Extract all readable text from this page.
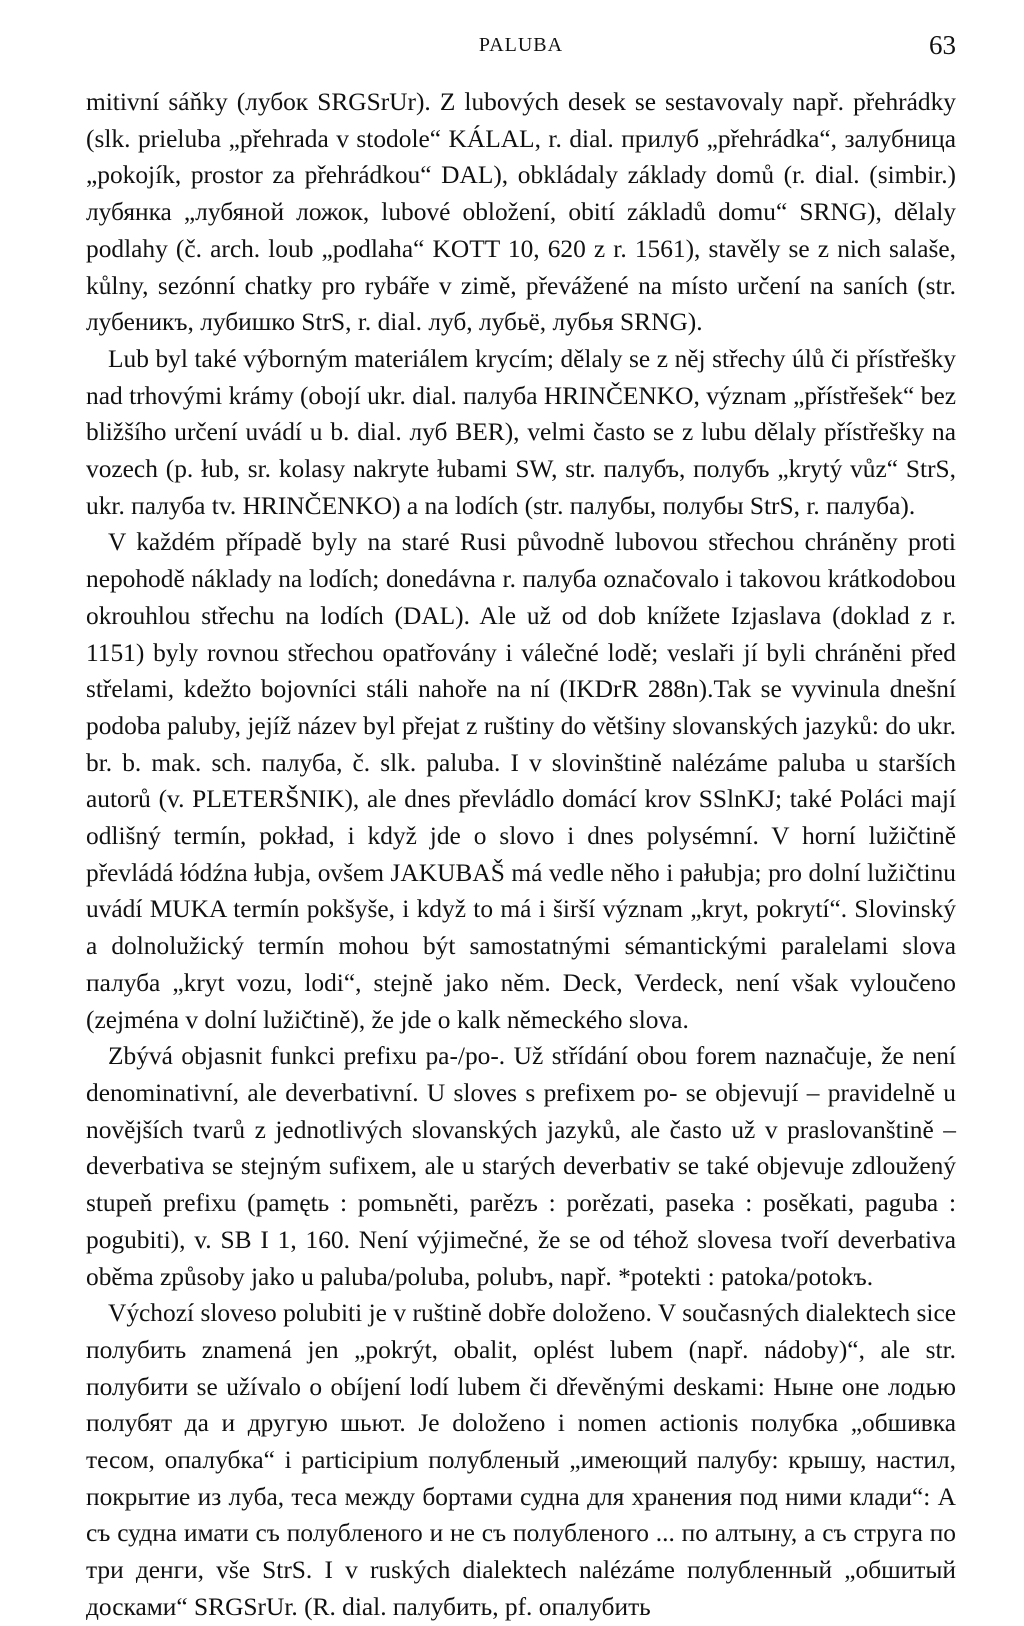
PALUBA	63

mitivní sáňky (лубок SRGSrUr). Z lubových desek se sestavovaly např. přehrádky (slk. prieluba „přehrada v stodole“ KÁLAL, r. dial. прилуб „přehrádka“, залубница „pokojík, prostor za přehrádkou“ DAL), obkládaly základy domů (r. dial. (simbir.) лубянка „лубяной ложок, lubové obložení, obití základů domu“ SRNG), dělaly podlahy (č. arch. loub „podlaha“ KOTT 10, 620 z r. 1561), stavěly se z nich salaše, kůlny, sezónní chatky pro rybáře v zimě, převážené na místo určení na saních (str. лубеникъ, лубишко StrS, r. dial. луб, лубьё, лубья SRNG).

Lub byl také výborným materiálem krycím; dělaly se z něj střechy úlů či přístřešky nad trhovými krámy (obojí ukr. dial. палуба HRINČENKO, význam „přístřešek“ bez bližšího určení uvádí u b. dial. луб BER), velmi často se z lubu dělaly přístřešky na vozech (p. łub, sr. kolasy nakryte łubami SW, str. палубъ, полубъ „krytý vůz“ StrS, ukr. палуба tv. HRINČENKO) a na lodích (str. палубы, полубы StrS, r. палуба).

V každém případě byly na staré Rusi původně lubovou střechou chráněny proti nepohodě náklady na lodích; donedávna r. палуба označovalo i takovou krátkodobou okrouhlou střechu na lodích (DAL). Ale už od dob knížete Izjaslava (doklad z r. 1151) byly rovnou střechou opatřovány i válečné lodě; veslaři jí byli chráněni před střelami, kdežto bojovníci stáli nahoře na ní (IKDrR 288n).Tak se vyvinula dnešní podoba paluby, jejíž název byl přejat z ruštiny do většiny slovanských jazyků: do ukr. br. b. mak. sch. палуба, č. slk. paluba. I v slovinštině nalézáme paluba u starších autorů (v. PLETERŠNIK), ale dnes převládlo domácí krov SSlnKJ; také Poláci mají odlišný termín, pokład, i když jde o slovo i dnes polysémní. V horní lužičtině převládá łódźna łubja, ovšem JAKUBAŠ má vedle něho i pałubja; pro dolní lužičtinu uvádí MUKA termín pokšyše, i když to má i širší význam „kryt, pokrytí“. Slovinský a dolnolužický termín mohou být samostatnými sémantickými paralelami slova палуба „kryt vozu, lodi“, stejně jako něm. Deck, Verdeck, není však vyloučeno (zejména v dolní lužičtině), že jde o kalk německého slova.

Zbývá objasnit funkci prefixu pa-/po-. Už střídání obou forem naznačuje, že není denominativní, ale deverbativní. U sloves s prefixem po- se objevují – pravidelně u novějších tvarů z jednotlivých slovanských jazyků, ale často už v praslovanštině – deverbativa se stejným sufixem, ale u starých deverbativ se také objevuje zdloužený stupeň prefixu (pamętь : pomьněti, parězъ : porězati, paseka : posěkati, paguba : pogubiti), v. SB I 1, 160. Není výjimečné, že se od téhož slovesa tvoří deverbativa oběma způsoby jako u paluba/poluba, polubъ, např. *potekti : patoka/potokъ.

Výchozí sloveso polubiti je v ruštině dobře doloženo. V současných dialektech sice полубить znamená jen „pokrýt, obalit, oplést lubem (např. nádoby)“, ale str. полубити se užívalo o obíjení lodí lubem či dřevěnými deskami: Ныне оне лодью полубят да и другую шьют. Je doloženo i nomen actionis полубка „обшивка тесом, опалубка“ i participium полубленый „имеющий палубу: крышу, настил, покрытие из луба, теса между бортами судна для хранения под ними клади“: А съ судна имати съ полубленого и не съ полубленого ... по алтыну, а съ струга по три денги, vše StrS. I v ruských dialektech nalézáme полубленный „обшитый досками“ SRGSrUr. (R. dial. палубить, pf. опалубить
